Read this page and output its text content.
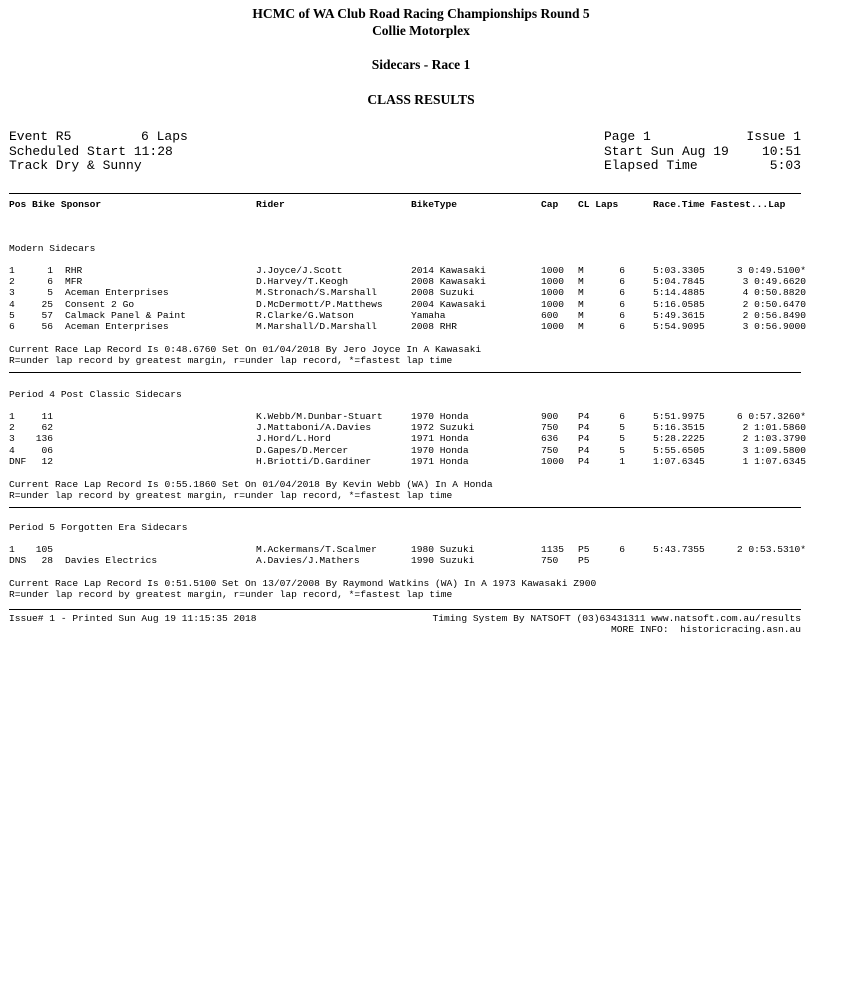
HCMC of WA Club Road Racing Championships Round 5
Collie Motorplex
Sidecars - Race 1
CLASS RESULTS
Event R5	6 Laps
Scheduled Start 11:28
Track Dry & Sunny
Page 1	Issue 1
Start Sun Aug 19	10:51
Elapsed Time	5:03
Pos Bike Sponsor	Rider	BikeType	Cap CL Laps	Race.Time Fastest...Lap
Modern Sidecars
1	1 RHR	J.Joyce/J.Scott	2014 Kawasaki	1000	M	6	5:03.3305	3 0:49.5100*
2	6 MFR	D.Harvey/T.Keogh	2008 Kawasaki	1000	M	6	5:04.7845	3 0:49.6620
3	5 Aceman Enterprises	M.Stronach/S.Marshall	2008 Suzuki	1000	M	6	5:14.4885	4 0:50.8820
4	25 Consent 2 Go	D.McDermott/P.Matthews	2004 Kawasaki	1000	M	6	5:16.0585	2 0:50.6470
5	57 Calmack Panel & Paint	R.Clarke/G.Watson	Yamaha	600	M	6	5:49.3615	2 0:56.8490
6	56 Aceman Enterprises	M.Marshall/D.Marshall	2008 RHR	1000	M	6	5:54.9095	3 0:56.9000
Current Race Lap Record Is 0:48.6760 Set On 01/04/2018 By Jero Joyce In A Kawasaki
R=under lap record by greatest margin, r=under lap record, *=fastest lap time
Period 4 Post Classic Sidecars
1	11	K.Webb/M.Dunbar-Stuart	1970 Honda	900	P4	6	5:51.9975	6 0:57.3260*
2	62	J.Mattaboni/A.Davies	1972 Suzuki	750	P4	5	5:16.3515	2 1:01.5860
3	136	J.Hord/L.Hord	1971 Honda	636	P4	5	5:28.2225	2 1:03.3790
4	06	D.Gapes/D.Mercer	1970 Honda	750	P4	5	5:55.6505	3 1:09.5800
DNF	12	H.Briotti/D.Gardiner	1971 Honda	1000	P4	1	1:07.6345	1 1:07.6345
Current Race Lap Record Is 0:55.1860 Set On 01/04/2018 By Kevin Webb (WA) In A Honda
R=under lap record by greatest margin, r=under lap record, *=fastest lap time
Period 5 Forgotten Era Sidecars
1	105	M.Ackermans/T.Scalmer	1980 Suzuki	1135	P5	6	5:43.7355	2 0:53.5310*
DNS	28 Davies Electrics	A.Davies/J.Mathers	1990 Suzuki	750	P5
Current Race Lap Record Is 0:51.5100 Set On 13/07/2008 By Raymond Watkins (WA) In A 1973 Kawasaki Z900
R=under lap record by greatest margin, r=under lap record, *=fastest lap time
Issue# 1 - Printed Sun Aug 19 11:15:35 2018	Timing System By NATSOFT (03)63431311 www.natsoft.com.au/results
MORE INFO:  historicracing.asn.au
